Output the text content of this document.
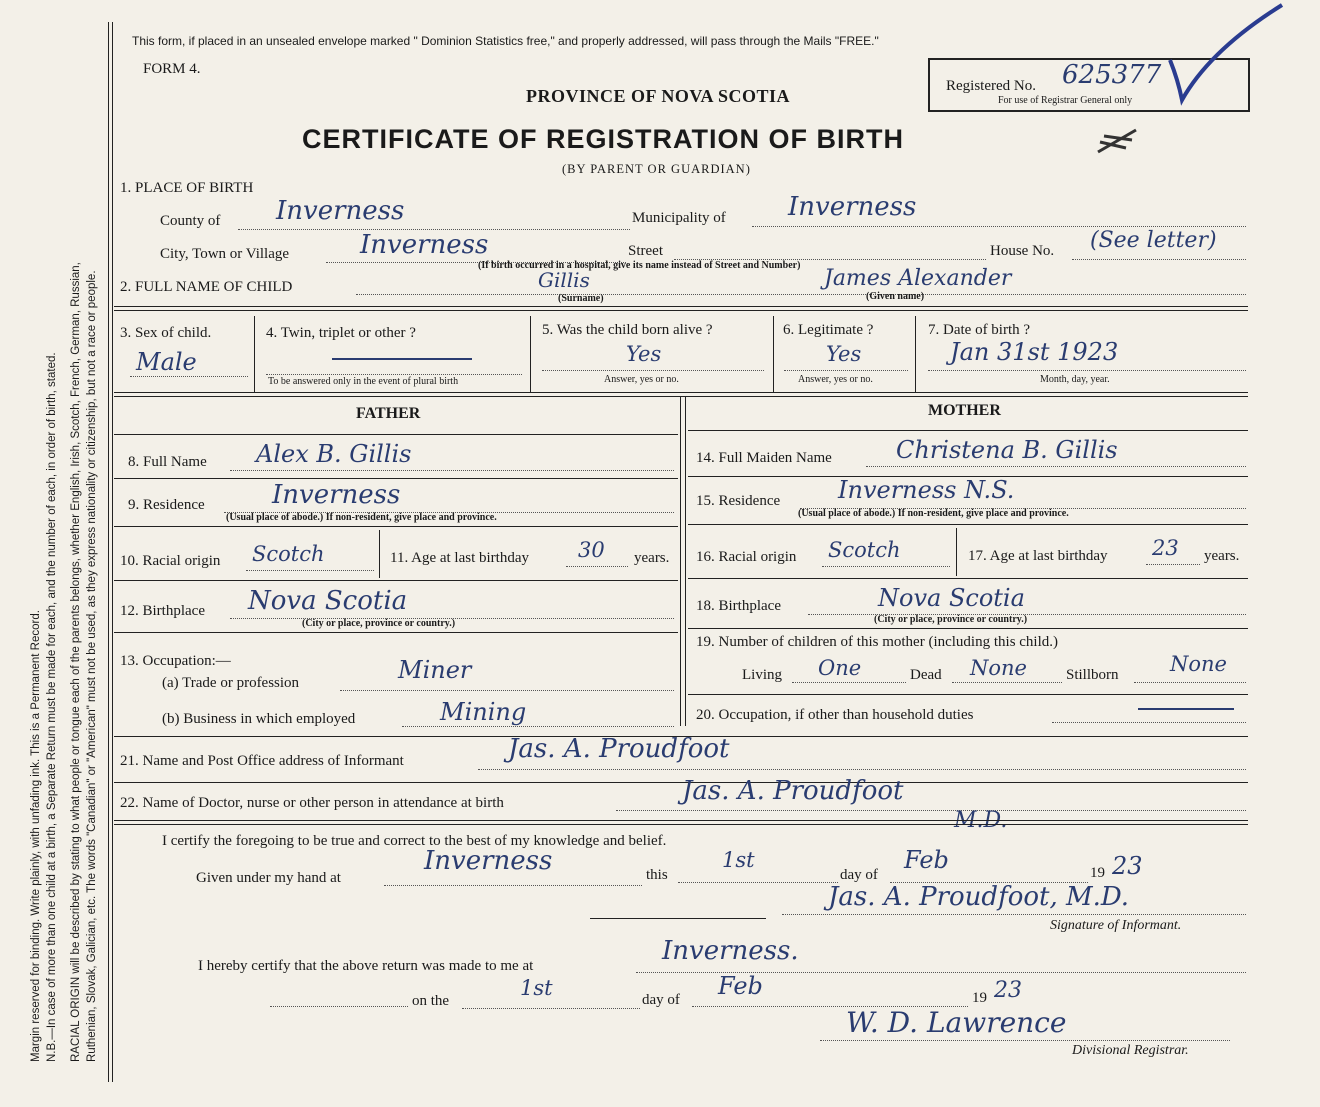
Margin reserved for binding. Write plainly, with unfading ink. This is a Permanent Record. N.B.—In case of more than one child at a birth, a Separate Return must be made for each, and the number of each, in order of birth, stated. RACIAL ORIGIN will be described by stating to what people or tongue each of the parents belongs, whether English, Irish, Scotch, French, German, Russian, Ruthenian, Slovak, Galician, etc. The words "Canadian" or "American" must not be used, as they express nationality or citizenship, but not a race or people.
This form, if placed in an unsealed envelope marked " Dominion Statistics free," and properly addressed, will pass through the Mails "FREE."
FORM 4.
PROVINCE OF NOVA SCOTIA	Registered No. 625377
For use of Registrar General only
CERTIFICATE OF REGISTRATION OF BIRTH
(BY PARENT OR GUARDIAN)
1. PLACE OF BIRTH
County of Inverness	Municipality of Inverness
City, Town or Village	Inverness	Street	House No. (See letter)
(If birth occurred in a hospital, give its name instead of Street and Number)
2. FULL NAME OF CHILD	Gillis
(Surname)
James Alexander
(Given name)
3. Sex of child.
Male
4. Twin, triplet or other ?
To be answered only in the event of plural birth
5. Was the child born alive ?
Yes
Answer, yes or no.
6. Legitimate ?
Yes
Answer, yes or no.
7. Date of birth ?
Jan 31st 1923
Month, day, year.
FATHER	MOTHER
8. Full Name Alex B. Gillis
9. Residence	Inverness
(Usual place of abode.) If non-resident, give place and province.
10. Racial origin Scotch	11. Age at last birthday 30 years.
12. Birthplace Nova Scotia
(City or place, province or country.)
13. Occupation:—
(a) Trade or profession	Miner
(b) Business in which employed	Mining
14. Full Maiden Name	Christena B. Gillis
15. Residence Inverness N.S.
(Usual place of abode.) If non-resident, give place and province.
16. Racial origin Scotch	17. Age at last birthday 23 years.
18. Birthplace	Nova Scotia
(City or place, province or country.)
19. Number of children of this mother (including this child.)
Living One	Dead None	Stillborn None
20. Occupation, if other than household duties
21. Name and Post Office address of Informant	Jas. A. Proudfoot
22. Name of Doctor, nurse or other person in attendance at birth	Jas. A. Proudfoot
M.D.
I certify the foregoing to be true and correct to the best of my knowledge and belief.
Given under my hand at
Inverness	this
1st
day of
Feb	19 23
Jas. A. Proudfoot, M.D.
Signature of Informant.
I hereby certify that the above return was made to me at	Inverness.
on the
1st	day of Feb	19 23
W. D. Lawrence
Divisional Registrar.
